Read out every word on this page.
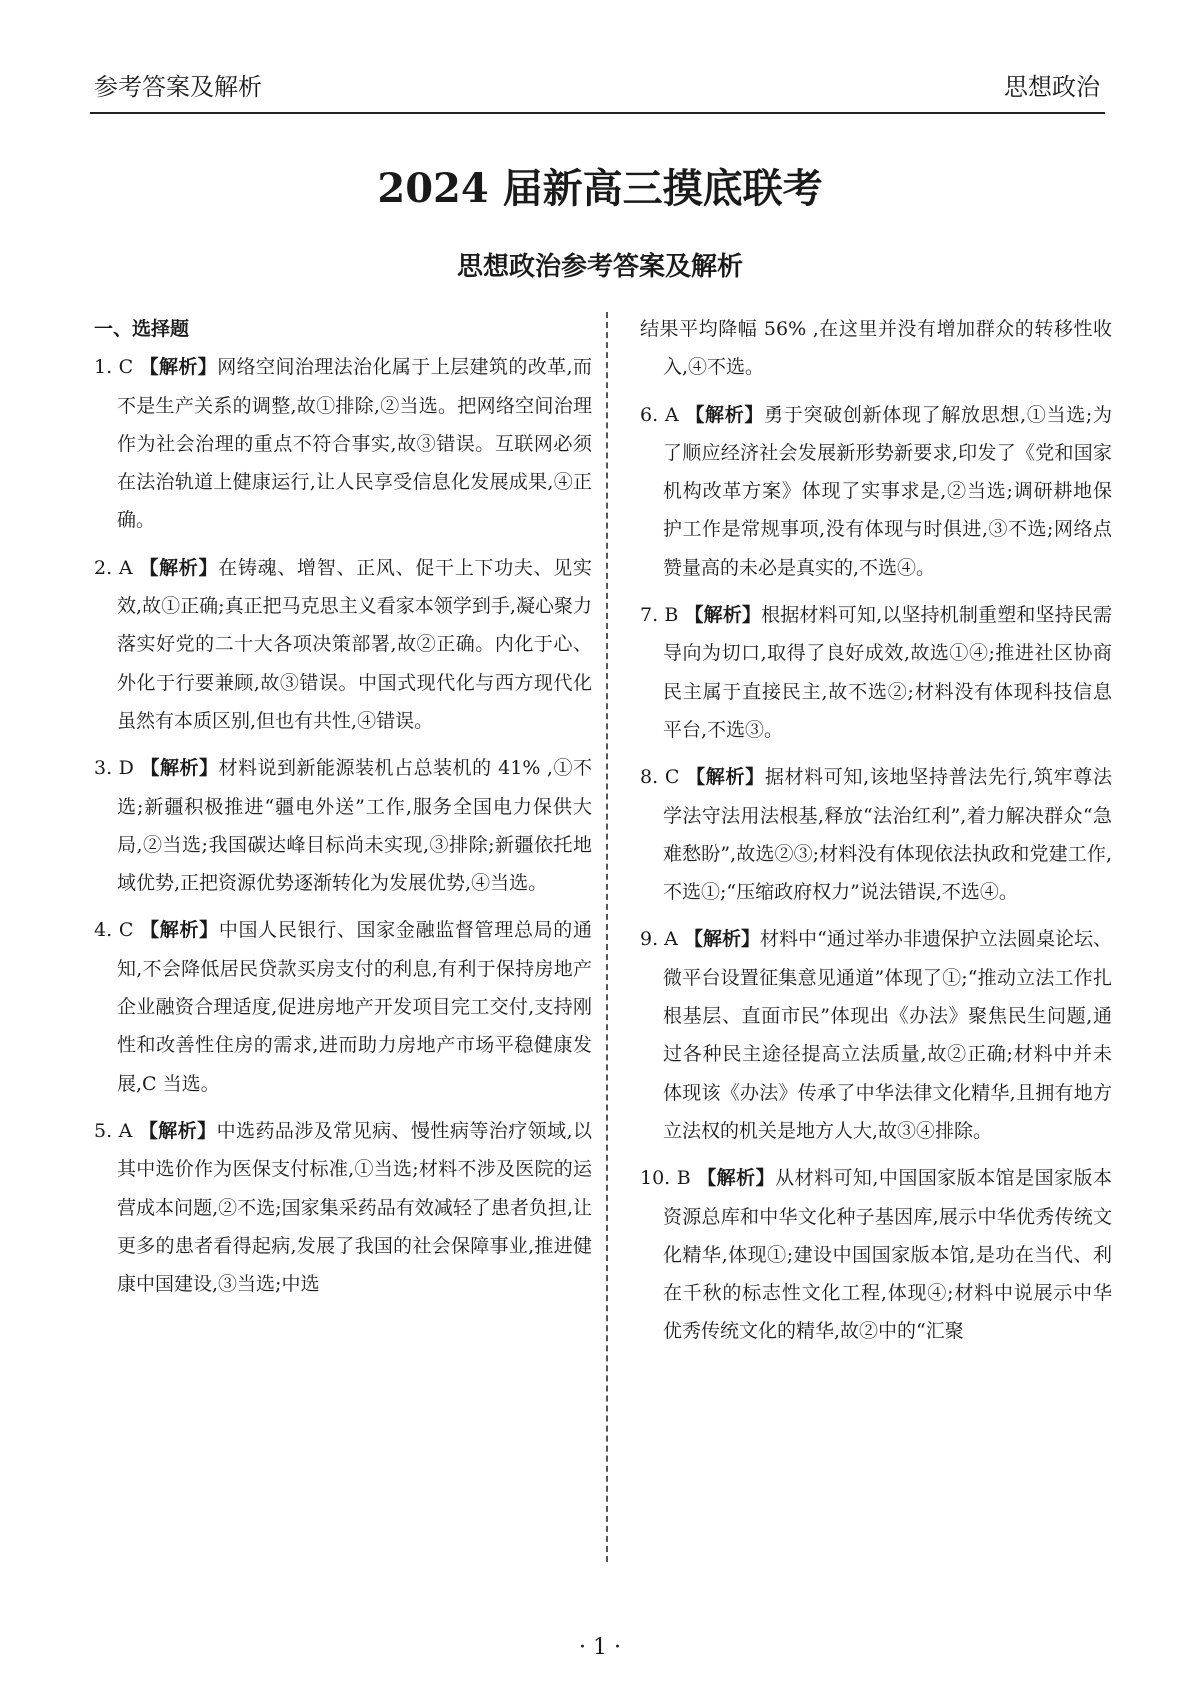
参考答案及解析	思想政治
2024 届新高三摸底联考
思想政治参考答案及解析
一、选择题

1. C 【解析】网络空间治理法治化属于上层建筑的改革,而不是生产关系的调整,故①排除,②当选。把网络空间治理作为社会治理的重点不符合事实,故③错误。互联网必须在法治轨道上健康运行,让人民享受信息化发展成果,④正确。

2. A 【解析】在铸魂、增智、正风、促干上下功夫、见实效,故①正确;真正把马克思主义看家本领学到手,凝心聚力落实好党的二十大各项决策部署,故②正确。内化于心、外化于行要兼顾,故③错误。中国式现代化与西方现代化虽然有本质区别,但也有共性,④错误。

3. D 【解析】材料说到新能源装机占总装机的 41% ,①不选;新疆积极推进“疆电外送”工作,服务全国电力保供大局,②当选;我国碳达峰目标尚未实现,③排除;新疆依托地域优势,正把资源优势逐渐转化为发展优势,④当选。

4. C 【解析】中国人民银行、国家金融监督管理总局的通知,不会降低居民贷款买房支付的利息,有利于保持房地产企业融资合理适度,促进房地产开发项目完工交付,支持刚性和改善性住房的需求,进而助力房地产市场平稳健康发展,C 当选。

5. A 【解析】中选药品涉及常见病、慢性病等治疗领域,以其中选价作为医保支付标准,①当选;材料不涉及医院的运营成本问题,②不选;国家集采药品有效减轻了患者负担,让更多的患者看得起病,发展了我国的社会保障事业,推进健康中国建设,③当选;中选

结果平均降幅 56% ,在这里并没有增加群众的转移性收入,④不选。

6. A 【解析】勇于突破创新体现了解放思想,①当选;为了顺应经济社会发展新形势新要求,印发了《党和国家机构改革方案》体现了实事求是,②当选;调研耕地保护工作是常规事项,没有体现与时俱进,③不选;网络点赞量高的未必是真实的,不选④。

7. B 【解析】根据材料可知,以坚持机制重塑和坚持民需导向为切口,取得了良好成效,故选①④;推进社区协商民主属于直接民主,故不选②;材料没有体现科技信息平台,不选③。

8. C 【解析】据材料可知,该地坚持普法先行,筑牢尊法学法守法用法根基,释放“法治红利”,着力解决群众“急难愁盼”,故选②③;材料没有体现依法执政和党建工作,不选①;“压缩政府权力”说法错误,不选④。

9. A 【解析】材料中“通过举办非遗保护立法圆桌论坛、微平台设置征集意见通道”体现了①;“推动立法工作扎根基层、直面市民”体现出《办法》聚焦民生问题,通过各种民主途径提高立法质量,故②正确;材料中并未体现该《办法》传承了中华法律文化精华,且拥有地方立法权的机关是地方人大,故③④排除。

10. B 【解析】从材料可知,中国国家版本馆是国家版本资源总库和中华文化种子基因库,展示中华优秀传统文化精华,体现①;建设中国国家版本馆,是功在当代、利在千秋的标志性文化工程,体现④;材料中说展示中华优秀传统文化的精华,故②中的“汇聚

· 1 ·
